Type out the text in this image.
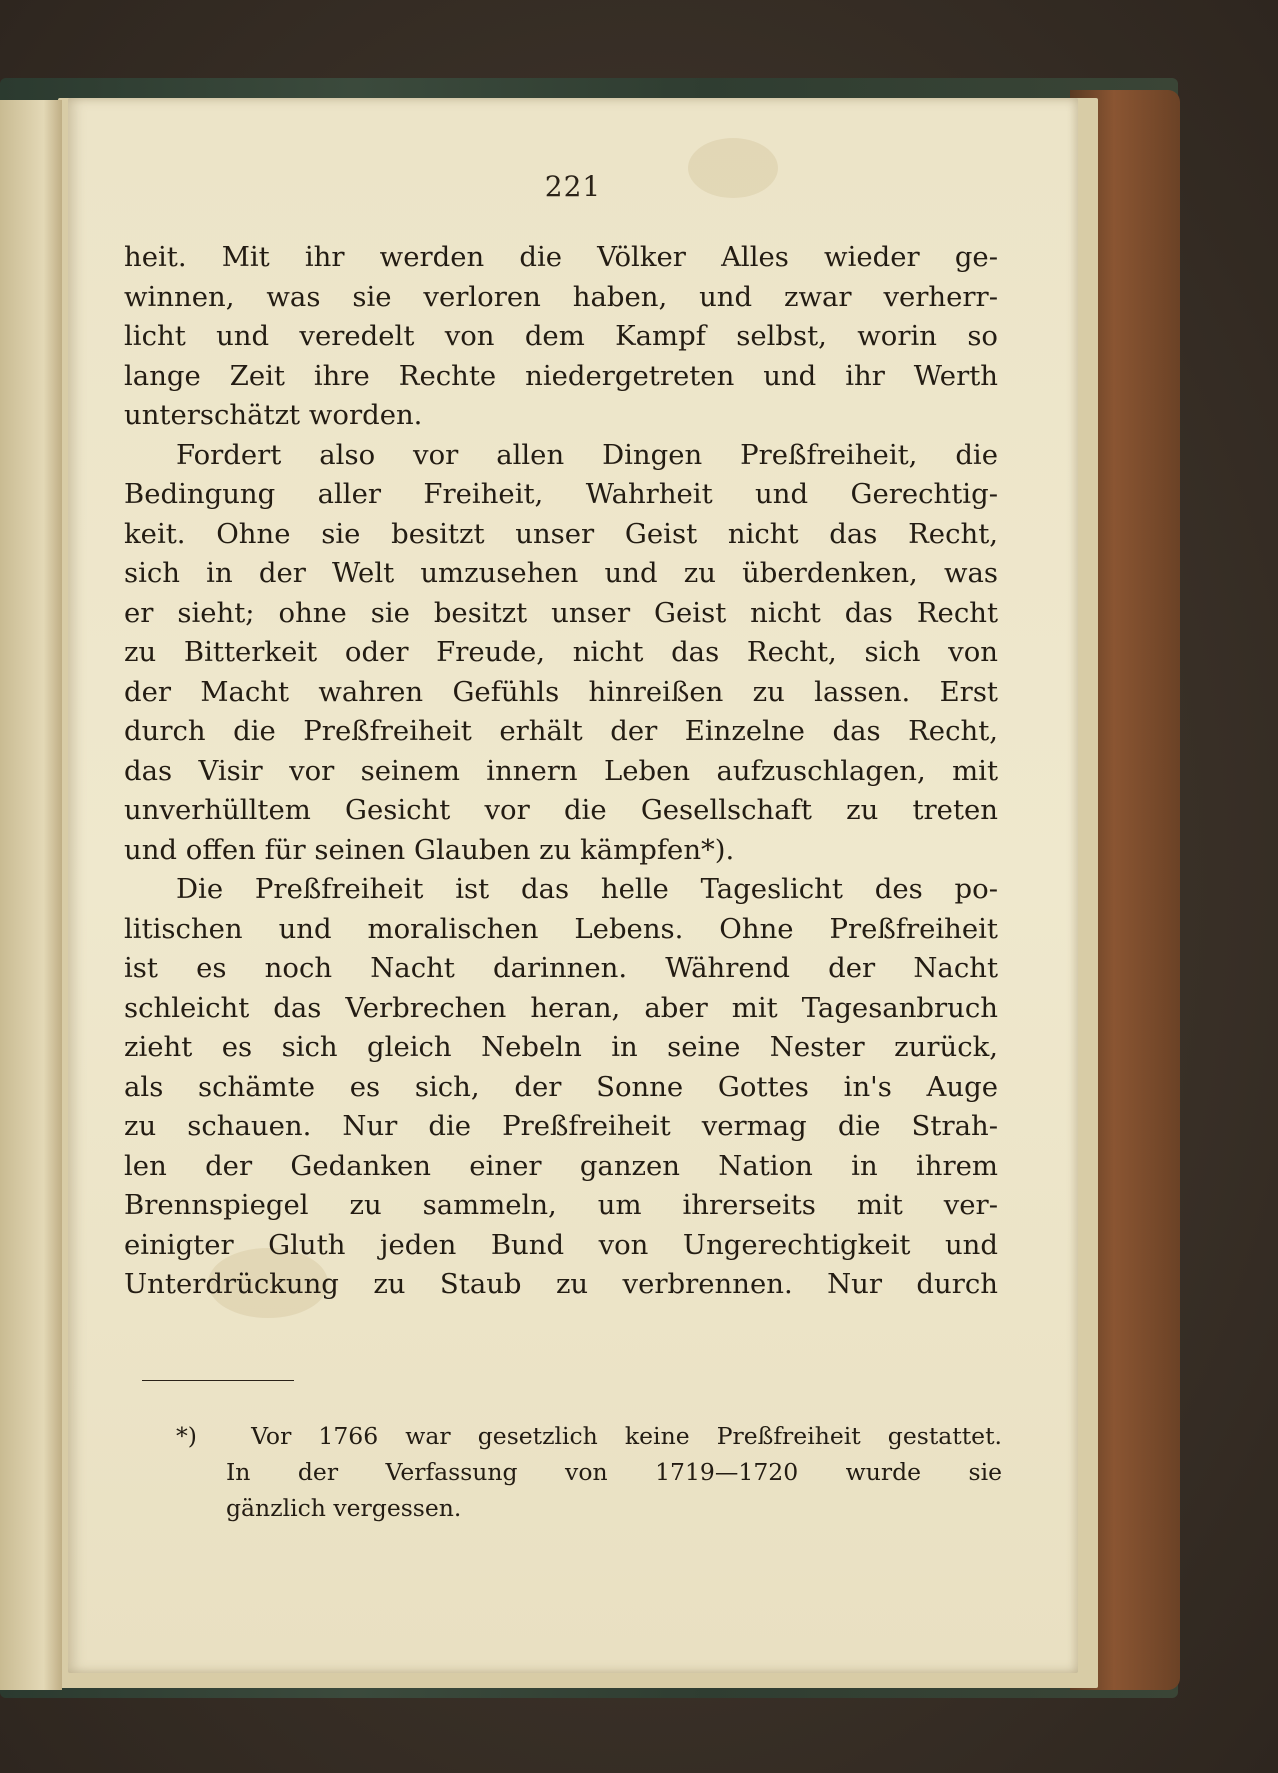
221
heit. Mit ihr werden die Völker Alles wieder ge-
winnen, was sie verloren haben, und zwar verherr-
licht und veredelt von dem Kampf selbst, worin so
lange Zeit ihre Rechte niedergetreten und ihr Werth
unterschätzt worden.
Fordert also vor allen Dingen Preßfreiheit, die
Bedingung aller Freiheit, Wahrheit und Gerechtig-
keit. Ohne sie besitzt unser Geist nicht das Recht,
sich in der Welt umzusehen und zu überdenken, was
er sieht; ohne sie besitzt unser Geist nicht das Recht
zu Bitterkeit oder Freude, nicht das Recht, sich von
der Macht wahren Gefühls hinreißen zu lassen. Erst
durch die Preßfreiheit erhält der Einzelne das Recht,
das Visir vor seinem innern Leben aufzuschlagen, mit
unverhülltem Gesicht vor die Gesellschaft zu treten
und offen für seinen Glauben zu kämpfen*).
Die Preßfreiheit ist das helle Tageslicht des po-
litischen und moralischen Lebens. Ohne Preßfreiheit
ist es noch Nacht darinnen. Während der Nacht
schleicht das Verbrechen heran, aber mit Tagesanbruch
zieht es sich gleich Nebeln in seine Nester zurück,
als schämte es sich, der Sonne Gottes in's Auge
zu schauen. Nur die Preßfreiheit vermag die Strah-
len der Gedanken einer ganzen Nation in ihrem
Brennspiegel zu sammeln, um ihrerseits mit ver-
einigter Gluth jeden Bund von Ungerechtigkeit und
Unterdrückung zu Staub zu verbrennen. Nur durch
*) Vor 1766 war gesetzlich keine Preßfreiheit gestattet.
In der Verfassung von 1719—1720 wurde sie
gänzlich vergessen.
